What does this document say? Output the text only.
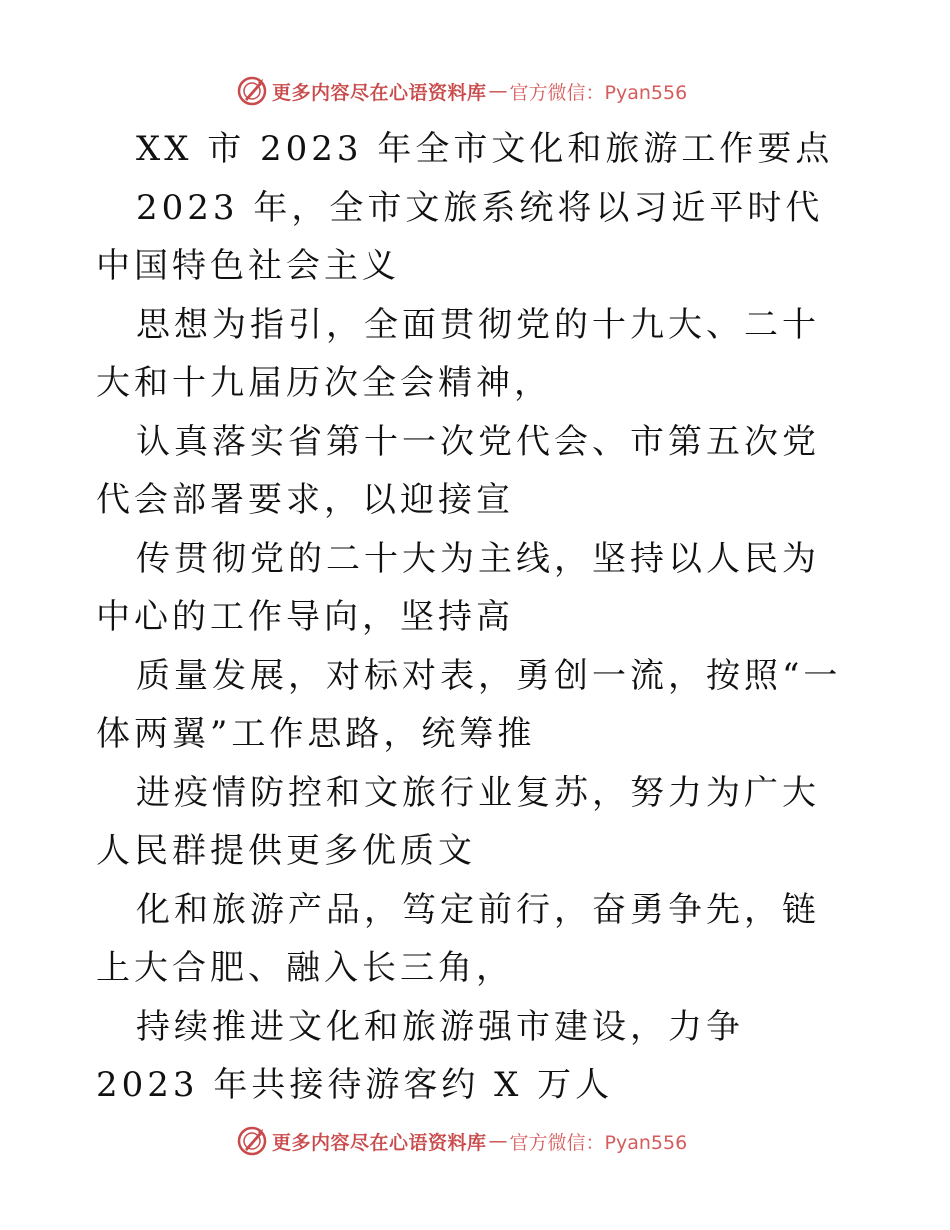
更多内容尽在心语资料库 — 官方微信：Pyan556

XX 市 2023 年全市文化和旅游工作要点

2023 年，全市文旅系统将以习近平时代中国特色社会主义

思想为指引，全面贯彻党的十九大、二十大和十九届历次全会精神，

认真落实省第十一次党代会、市第五次党代会部署要求，以迎接宣

传贯彻党的二十大为主线，坚持以人民为中心的工作导向，坚持高

质量发展，对标对表，勇创一流，按照“一体两翼”工作思路，统筹推

进疫情防控和文旅行业复苏，努力为广大人民群提供更多优质文

化和旅游产品，笃定前行，奋勇争先，链上大合肥、融入长三角，

持续推进文化和旅游强市建设，力争 2023 年共接待游客约 X 万人

更多内容尽在心语资料库 — 官方微信：Pyan556
